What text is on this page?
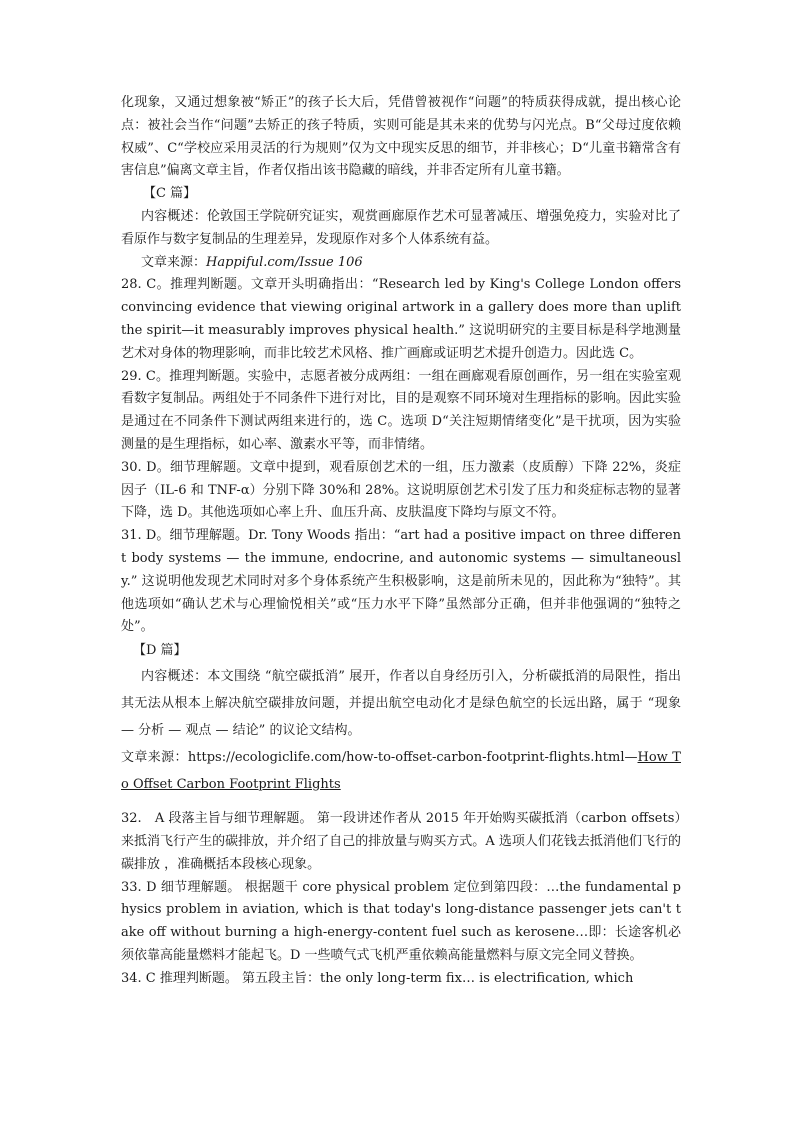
化现象，又通过想象被“矫正”的孩子长大后，凭借曾被视作“问题”的特质获得成就，提出核心论点：被社会当作“问题”去矫正的孩子特质，实则可能是其未来的优势与闪光点。B“父母过度依赖权威”、C“学校应采用灵活的行为规则”仅为文中现实反思的细节，并非核心；D“儿童书籍常含有害信息”偏离文章主旨，作者仅指出该书隐藏的暗线，并非否定所有儿童书籍。

【C 篇】

内容概述：伦敦国王学院研究证实，观赏画廊原作艺术可显著减压、增强免疫力，实验对比了看原作与数字复制品的生理差异，发现原作对多个人体系统有益。

文章来源：Happiful.com/Issue 106

28. C。推理判断题。文章开头明确指出：“Research led by King's College London offers convincing evidence that viewing original artwork in a gallery does more than uplift the spirit—it measurably improves physical health.” 这说明研究的主要目标是科学地测量艺术对身体的物理影响，而非比较艺术风格、推广画廊或证明艺术提升创造力。因此选 C。

29. C。推理判断题。实验中，志愿者被分成两组：一组在画廊观看原创画作，另一组在实验室观看数字复制品。两组处于不同条件下进行对比，目的是观察不同环境对生理指标的影响。因此实验是通过在不同条件下测试两组来进行的，选 C。选项 D“关注短期情绪变化”是干扰项，因为实验测量的是生理指标，如心率、激素水平等，而非情绪。

30. D。细节理解题。文章中提到，观看原创艺术的一组，压力激素（皮质醇）下降 22%，炎症因子（IL-6 和 TNF-α）分别下降 30%和 28%。这说明原创艺术引发了压力和炎症标志物的显著下降，选 D。其他选项如心率上升、血压升高、皮肤温度下降均与原文不符。

31. D。细节理解题。Dr. Tony Woods 指出：“art had a positive impact on three different body systems — the immune, endocrine, and autonomic systems — simultaneously.” 这说明他发现艺术同时对多个身体系统产生积极影响，这是前所未见的，因此称为“独特”。其他选项如“确认艺术与心理愉悦相关”或“压力水平下降”虽然部分正确，但并非他强调的“独特之处”。

【D 篇】

内容概述：本文围绕 “航空碳抵消” 展开，作者以自身经历引入，分析碳抵消的局限性，指出其无法从根本上解决航空碳排放问题，并提出航空电动化才是绿色航空的长远出路，属于 “现象 — 分析 — 观点 — 结论” 的议论文结构。

文章来源：https://ecologiclife.com/how-to-offset-carbon-footprint-flights.html—How To Offset Carbon Footprint Flights

32.　A 段落主旨与细节理解题。 第一段讲述作者从 2015 年开始购买碳抵消（carbon offsets）来抵消飞行产生的碳排放，并介绍了自己的排放量与购买方式。A 选项人们花钱去抵消他们飞行的碳排放 ，准确概括本段核心现象。

33. D 细节理解题。 根据题干 core physical problem 定位到第四段：…the fundamental physics problem in aviation, which is that today's long-distance passenger jets can't take off without burning a high-energy-content fuel such as kerosene…即：长途客机必须依靠高能量燃料才能起飞。D 一些喷气式飞机严重依赖高能量燃料与原文完全同义替换。

34. C 推理判断题。 第五段主旨：the only long-term fix… is electrification, which
